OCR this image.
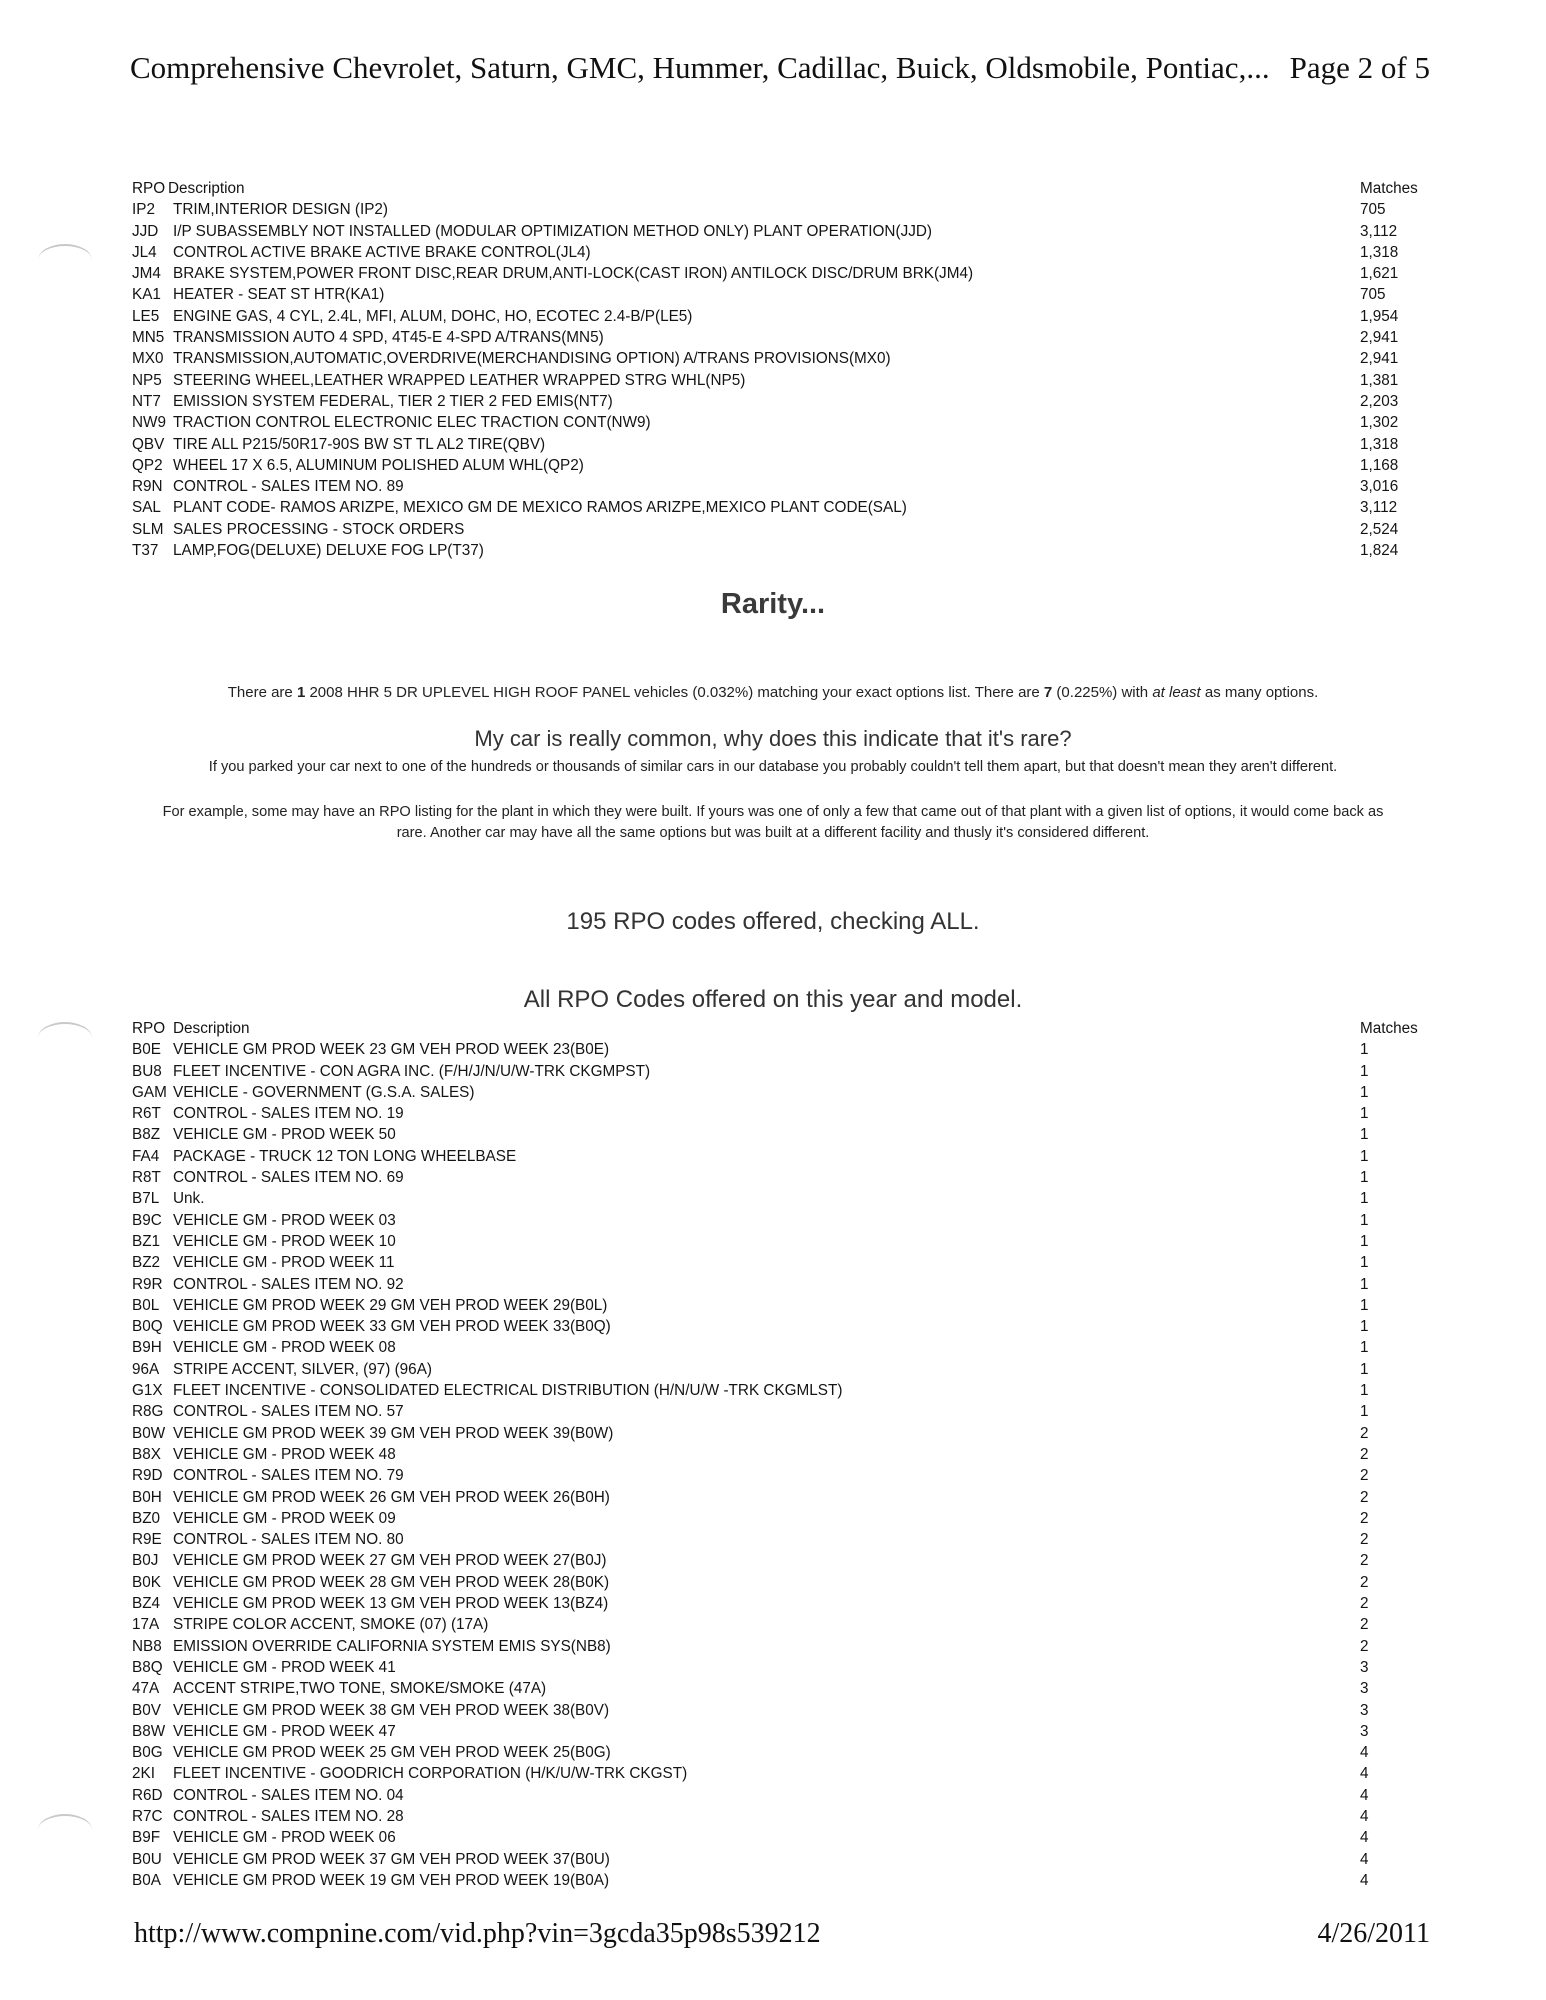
Comprehensive Chevrolet, Saturn, GMC, Hummer, Cadillac, Buick, Oldsmobile, Pontiac,... Page 2 of 5
RPO Description	Matches
IP2	TRIM,INTERIOR DESIGN (IP2)	705
JJD I/P SUBASSEMBLY NOT INSTALLED (MODULAR OPTIMIZATION METHOD ONLY) PLANT OPERATION(JJD)	3,112
JL4	CONTROL ACTIVE BRAKE ACTIVE BRAKE CONTROL(JL4)	1,318
JM4 BRAKE SYSTEM,POWER FRONT DISC,REAR DRUM,ANTI-LOCK(CAST IRON) ANTILOCK DISC/DRUM BRK(JM4)	1,621
KA1 HEATER - SEAT ST HTR(KA1)	705
LE5 ENGINE GAS, 4 CYL, 2.4L, MFI, ALUM, DOHC, HO, ECOTEC 2.4-B/P(LE5)	1,954
MN5 TRANSMISSION AUTO 4 SPD, 4T45-E 4-SPD A/TRANS(MN5)	2,941
MX0 TRANSMISSION,AUTOMATIC,OVERDRIVE(MERCHANDISING OPTION) A/TRANS PROVISIONS(MX0)	2,941
NP5 STEERING WHEEL,LEATHER WRAPPED LEATHER WRAPPED STRG WHL(NP5)	1,381
NT7 EMISSION SYSTEM FEDERAL, TIER 2 TIER 2 FED EMIS(NT7)	2,203
NW9 TRACTION CONTROL ELECTRONIC ELEC TRACTION CONT(NW9)	1,302
QBV TIRE ALL P215/50R17-90S BW ST TL AL2 TIRE(QBV)	1,318
QP2 WHEEL 17 X 6.5, ALUMINUM POLISHED ALUM WHL(QP2)	1,168
R9N CONTROL - SALES ITEM NO. 89	3,016
SAL PLANT CODE- RAMOS ARIZPE, MEXICO GM DE MEXICO RAMOS ARIZPE,MEXICO PLANT CODE(SAL)	3,112
SLM SALES PROCESSING - STOCK ORDERS	2,524
T37 LAMP,FOG(DELUXE) DELUXE FOG LP(T37)	1,824
Rarity...
There are 1 2008 HHR 5 DR UPLEVEL HIGH ROOF PANEL vehicles (0.032%) matching your exact options list. There are 7 (0.225%) with at least as many options.
My car is really common, why does this indicate that it's rare?
If you parked your car next to one of the hundreds or thousands of similar cars in our database you probably couldn't tell them apart, but that doesn't mean they aren't different.
For example, some may have an RPO listing for the plant in which they were built. If yours was one of only a few that came out of that plant with a given list of options, it would come back as rare. Another car may have all the same options but was built at a different facility and thusly it's considered different.
195 RPO codes offered, checking ALL.
All RPO Codes offered on this year and model.
RPO Description	Matches
B0E VEHICLE GM PROD WEEK 23 GM VEH PROD WEEK 23(B0E)	1
BU8 FLEET INCENTIVE - CON AGRA INC. (F/H/J/N/U/W-TRK CKGMPST)	1
GAM VEHICLE - GOVERNMENT (G.S.A. SALES)	1
R6T CONTROL - SALES ITEM NO. 19	1
B8Z VEHICLE GM - PROD WEEK 50	1
FA4 PACKAGE - TRUCK 12 TON LONG WHEELBASE	1
R8T CONTROL - SALES ITEM NO. 69	1
B7L Unk.	1
B9C VEHICLE GM - PROD WEEK 03	1
BZ1 VEHICLE GM - PROD WEEK 10	1
BZ2 VEHICLE GM - PROD WEEK 11	1
R9R CONTROL - SALES ITEM NO. 92	1
B0L VEHICLE GM PROD WEEK 29 GM VEH PROD WEEK 29(B0L)	1
B0Q VEHICLE GM PROD WEEK 33 GM VEH PROD WEEK 33(B0Q)	1
B9H VEHICLE GM - PROD WEEK 08	1
96A STRIPE ACCENT, SILVER, (97) (96A)	1
G1X FLEET INCENTIVE - CONSOLIDATED ELECTRICAL DISTRIBUTION (H/N/U/W -TRK CKGMLST)	1
R8G CONTROL - SALES ITEM NO. 57	1
B0W VEHICLE GM PROD WEEK 39 GM VEH PROD WEEK 39(B0W)	2
B8X VEHICLE GM - PROD WEEK 48	2
R9D CONTROL - SALES ITEM NO. 79	2
B0H VEHICLE GM PROD WEEK 26 GM VEH PROD WEEK 26(B0H)	2
BZ0 VEHICLE GM - PROD WEEK 09	2
R9E CONTROL - SALES ITEM NO. 80	2
B0J VEHICLE GM PROD WEEK 27 GM VEH PROD WEEK 27(B0J)	2
B0K VEHICLE GM PROD WEEK 28 GM VEH PROD WEEK 28(B0K)	2
BZ4 VEHICLE GM PROD WEEK 13 GM VEH PROD WEEK 13(BZ4)	2
17A STRIPE COLOR ACCENT, SMOKE (07) (17A)	2
NB8 EMISSION OVERRIDE CALIFORNIA SYSTEM EMIS SYS(NB8)	2
B8Q VEHICLE GM - PROD WEEK 41	3
47A ACCENT STRIPE,TWO TONE, SMOKE/SMOKE (47A)	3
B0V VEHICLE GM PROD WEEK 38 GM VEH PROD WEEK 38(B0V)	3
B8W VEHICLE GM - PROD WEEK 47	3
B0G VEHICLE GM PROD WEEK 25 GM VEH PROD WEEK 25(B0G)	4
2KI	FLEET INCENTIVE - GOODRICH CORPORATION (H/K/U/W-TRK CKGST)	4
R6D CONTROL - SALES ITEM NO. 04	4
R7C CONTROL - SALES ITEM NO. 28	4
B9F VEHICLE GM - PROD WEEK 06	4
B0U VEHICLE GM PROD WEEK 37 GM VEH PROD WEEK 37(B0U)	4
B0A VEHICLE GM PROD WEEK 19 GM VEH PROD WEEK 19(B0A)	4
http://www.compnine.com/vid.php?vin=3gcda35p98s539212	4/26/2011
